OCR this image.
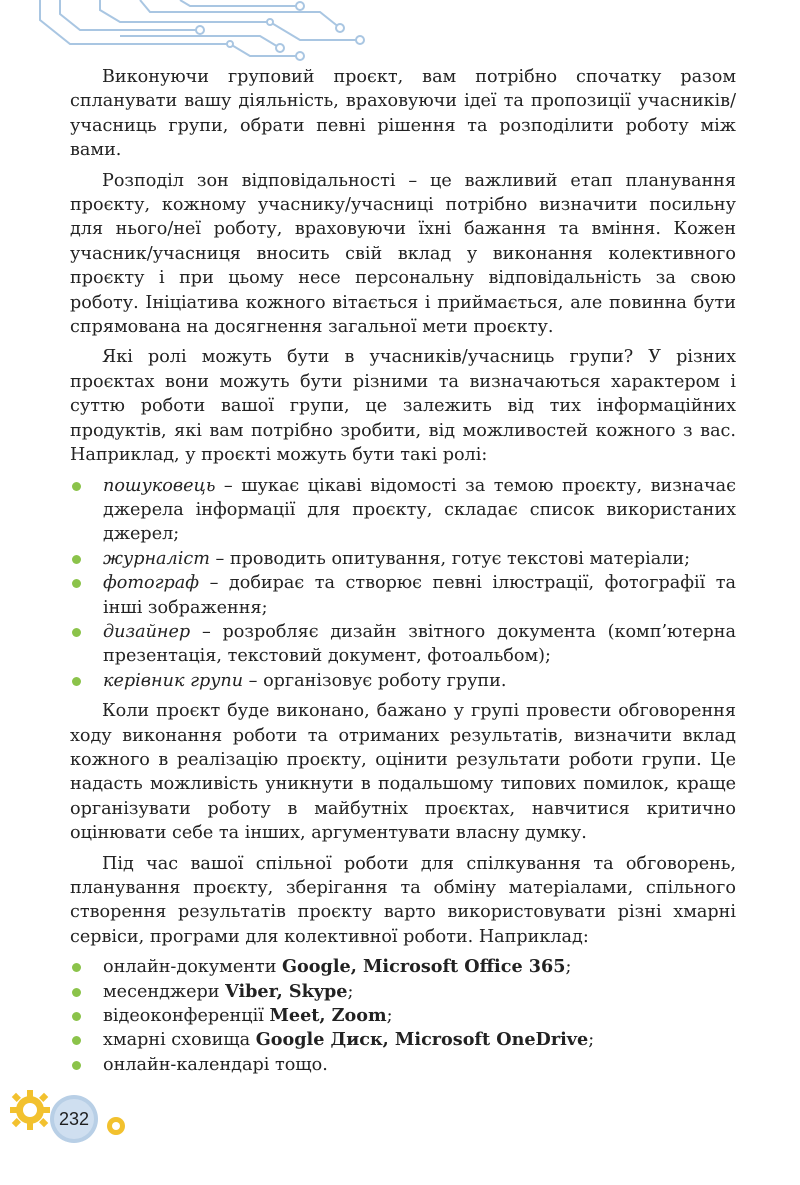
Виконуючи груповий проєкт, вам потрібно спочатку разом спланувати вашу діяльність, враховуючи ідеї та пропозиції учасників/учасниць групи, обрати певні рішення та розподілити роботу між вами.

Розподіл зон відповідальності – це важливий етап планування проєкту, кожному учаснику/учасниці потрібно визначити посильну для нього/неї роботу, враховуючи їхні бажання та вміння. Кожен учасник/учасниця вносить свій вклад у виконання колективного проєкту і при цьому несе персональну відповідальність за свою роботу. Ініціатива кожного вітається і приймається, але повинна бути спрямована на досягнення загальної мети проєкту.

Які ролі можуть бути в учасників/учасниць групи? У різних проєктах вони можуть бути різними та визначаються характером і суттю роботи вашої групи, це залежить від тих інформаційних продуктів, які вам потрібно зробити, від можливостей кожного з вас. Наприклад, у проєкті можуть бути такі ролі:

пошуковець – шукає цікаві відомості за темою проєкту, визначає джерела інформації для проєкту, складає список використаних джерел;
журналіст – проводить опитування, готує текстові матеріали;
фотограф – добирає та створює певні ілюстрації, фотографії та інші зображення;
дизайнер – розробляє дизайн звітного документа (комп’ютерна презентація, текстовий документ, фотоальбом);
керівник групи – організовує роботу групи.

Коли проєкт буде виконано, бажано у групі провести обговорення ходу виконання роботи та отриманих результатів, визначити вклад кожного в реалізацію проєкту, оцінити результати роботи групи. Це надасть можливість уникнути в подальшому типових помилок, краще організувати роботу в майбутніх проєктах, навчитися критично оцінювати себе та інших, аргументувати власну думку.

Під час вашої спільної роботи для спілкування та обговорень, планування проєкту, зберігання та обміну матеріалами, спільного створення результатів проєкту варто використовувати різні хмарні сервіси, програми для колективної роботи. Наприклад:

онлайн-документи Google, Microsoft Office 365;
месенджери Viber, Skype;
відеоконференції Meet, Zoom;
хмарні сховища Google Диск, Microsoft OneDrive;
онлайн-календарі тощо.
232
